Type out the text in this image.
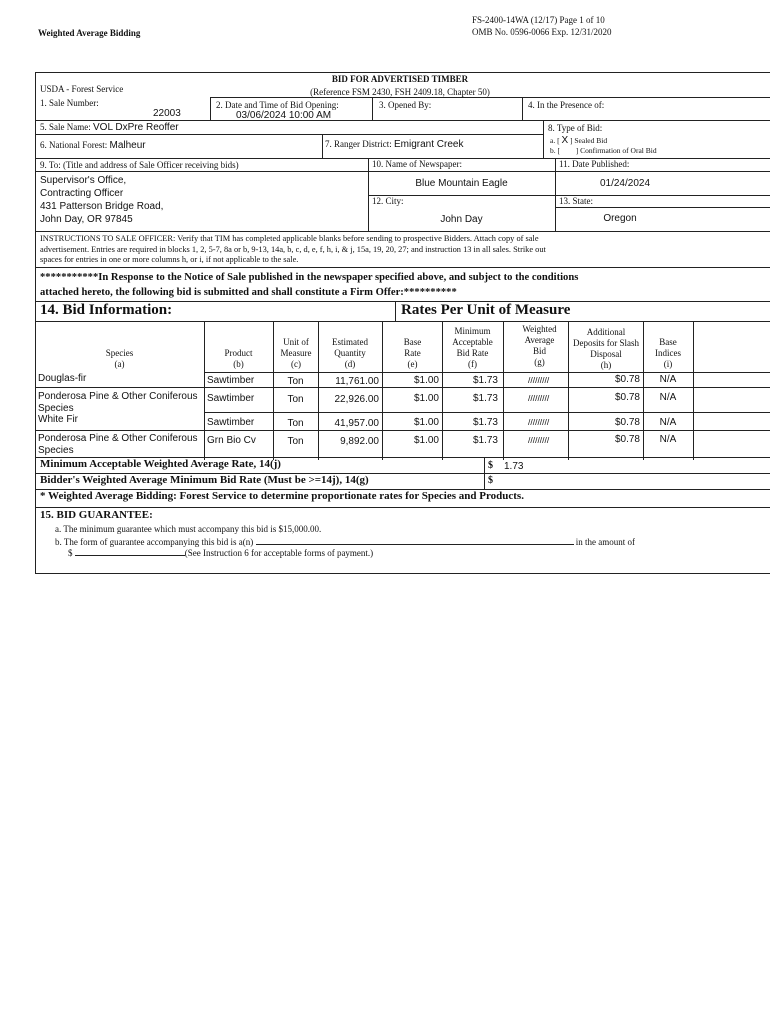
Weighted Average Bidding
FS-2400-14WA (12/17) Page 1 of 10
OMB No. 0596-0066 Exp. 12/31/2020
BID FOR ADVERTISED TIMBER
(Reference FSM 2430, FSH 2409.18, Chapter 50)
USDA - Forest Service
1. Sale Number:
22003
2. Date and Time of Bid Opening:
03/06/2024 10:00 AM
3. Opened By:	4. In the Presence of:
5. Sale Name: VOL DxPre Reoffer	8. Type of Bid:
6. National Forest: Malheur	7. Ranger District: Emigrant Creek	a. [ X ] Sealed Bid
b. [ ] Confirmation of Oral Bid
9. To: (Title and address of Sale Officer receiving bids)
Supervisor's Office,
Contracting Officer
431 Patterson Bridge Road,
John Day, OR 97845
10. Name of Newspaper:
Blue Mountain Eagle
11. Date Published:
01/24/2024
12. City:
John Day
13. State:
Oregon
INSTRUCTIONS TO SALE OFFICER: Verify that TIM has completed applicable blanks before sending to prospective Bidders. Attach copy of sale
advertisement. Entries are required in blocks 1, 2, 5-7, 8a or b, 9-13, 14a, b, c, d, e, f, h, i, & j, 15a, 19, 20, 27; and instruction 13 in all sales. Strike out
spaces for entries in one or more columns h, or i, if not applicable to the sale.
***********In Response to the Notice of Sale published in the newspaper specified above, and subject to the conditions
attached hereto, the following bid is submitted and shall constitute a Firm Offer:**********
14. Bid Information:	Rates Per Unit of Measure
Species
(a)
Product
(b)
Unit of Measure
(c)
Estimated Quantity
(d)
Base Rate
(e)
Minimum Acceptable Bid Rate
(f)
Weighted Average Bid
(g)
Additional Deposits for Slash Disposal
(h)
Base Indices
(i)
Douglas-fir	Sawtimber	Ton	11,761.00	$1.00	$1.73	/////////	$0.78	N/A
Ponderosa Pine & Other Coniferous Species
Sawtimber	Ton	22,926.00	$1.00	$1.73	/////////	$0.78	N/A
White Fir	Sawtimber	Ton	41,957.00	$1.00	$1.73	/////////	$0.78	N/A
Ponderosa Pine & Other Coniferous Species
Grn Bio Cv	Ton	9,892.00	$1.00	$1.73	/////////	$0.78	N/A
Minimum Acceptable Weighted Average Rate, 14(j)	$ 1.73
Bidder's Weighted Average Minimum Bid Rate (Must be >=14j), 14(g)	$
* Weighted Average Bidding: Forest Service to determine proportionate rates for Species and Products.
15. BID GUARANTEE:
a. The minimum guarantee which must accompany this bid is $15,000.00.
b. The form of guarantee accompanying this bid is a(n)	in the amount of
$	(See Instruction 6 for acceptable forms of payment.)
